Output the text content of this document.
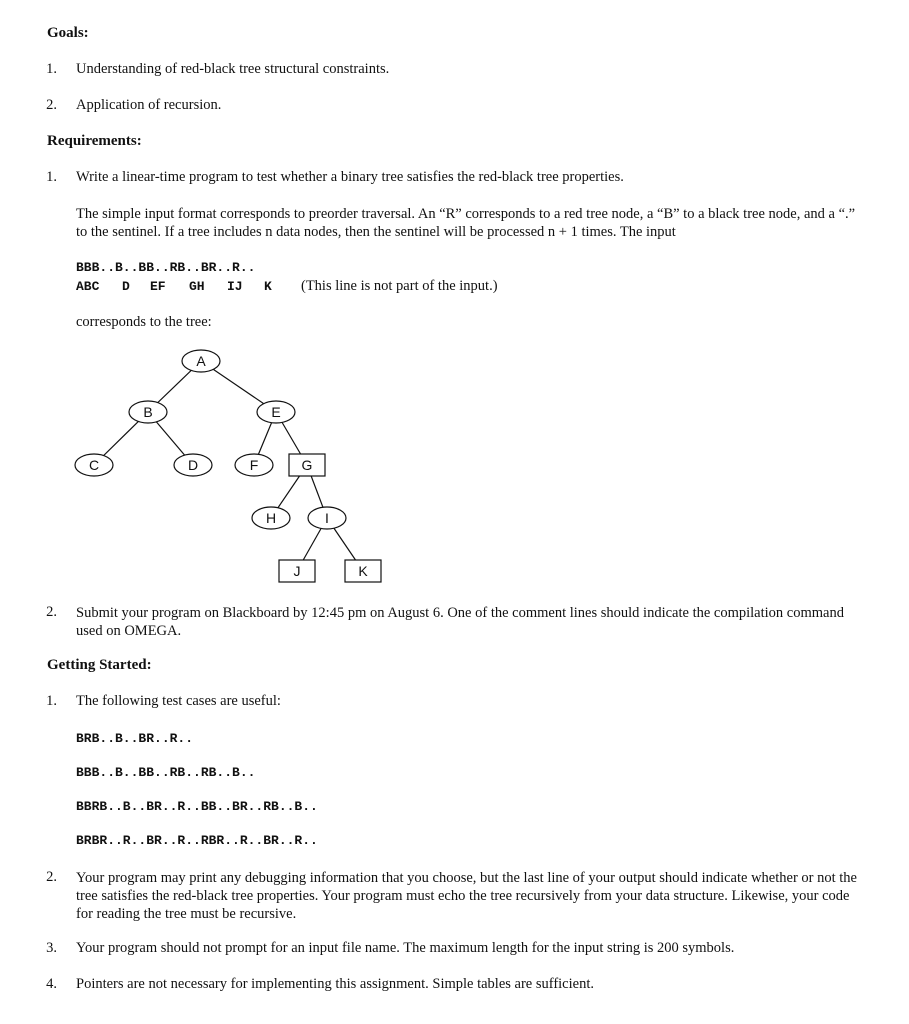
Goals:
1. Understanding of red-black tree structural constraints.
2. Application of recursion.
Requirements:
1. Write a linear-time program to test whether a binary tree satisfies the red-black tree properties.
The simple input format corresponds to preorder traversal. An “R” corresponds to a red tree node, a “B” to a black tree node, and a “.” to the sentinel. If a tree includes n data nodes, then the sentinel will be processed n + 1 times. The input
BBB..B..BB..RB..BR..R..
ABC D EF GH IJ K (This line is not part of the input.)
corresponds to the tree:
A
B
C	D
E
F	G
H	I
J	K
2. Submit your program on Blackboard by 12:45 pm on August 6. One of the comment lines should indicate the compilation command used on OMEGA.
Getting Started:
1. The following test cases are useful:
BRB..B..BR..R..
BBB..B..BB..RB..RB..B..
BBRB..B..BR..R..BB..BR..RB..B..
BRBR..R..BR..R..RBR..R..BR..R..
2. Your program may print any debugging information that you choose, but the last line of your output should indicate whether or not the tree satisfies the red-black tree properties. Your program must echo the tree recursively from your data structure. Likewise, your code for reading the tree must be recursive.
3. Your program should not prompt for an input file name. The maximum length for the input string is 200 symbols.
4. Pointers are not necessary for implementing this assignment. Simple tables are sufficient.
